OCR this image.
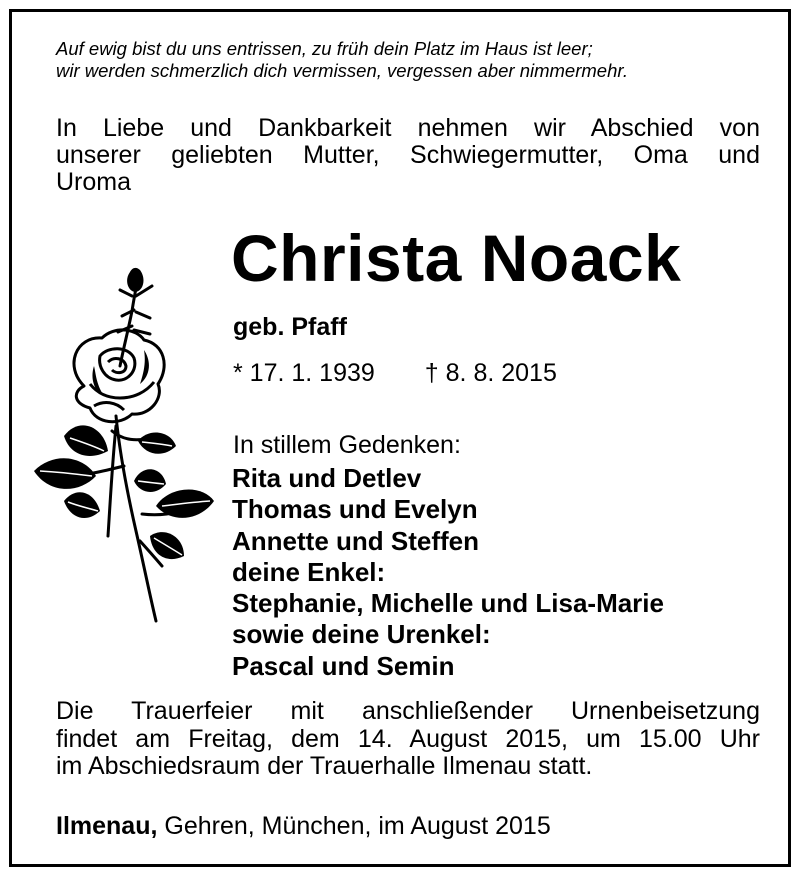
Auf ewig bist du uns entrissen, zu früh dein Platz im Haus ist leer;
wir werden schmerzlich dich vermissen, vergessen aber nimmermehr.
In Liebe und Dankbarkeit nehmen wir Abschied von
unserer geliebten Mutter, Schwiegermutter, Oma und
Uroma
Christa Noack
geb. Pfaff
* 17. 1. 1939 † 8. 8. 2015
In stillem Gedenken:
Rita und Detlev
Thomas und Evelyn
Annette und Steffen
deine Enkel:
Stephanie, Michelle und Lisa-Marie
sowie deine Urenkel:
Pascal und Semin
Die Trauerfeier mit anschließender Urnenbeisetzung
findet am Freitag, dem 14. August 2015, um 15.00 Uhr
im Abschiedsraum der Trauerhalle Ilmenau statt.
Ilmenau, Gehren, München, im August 2015
